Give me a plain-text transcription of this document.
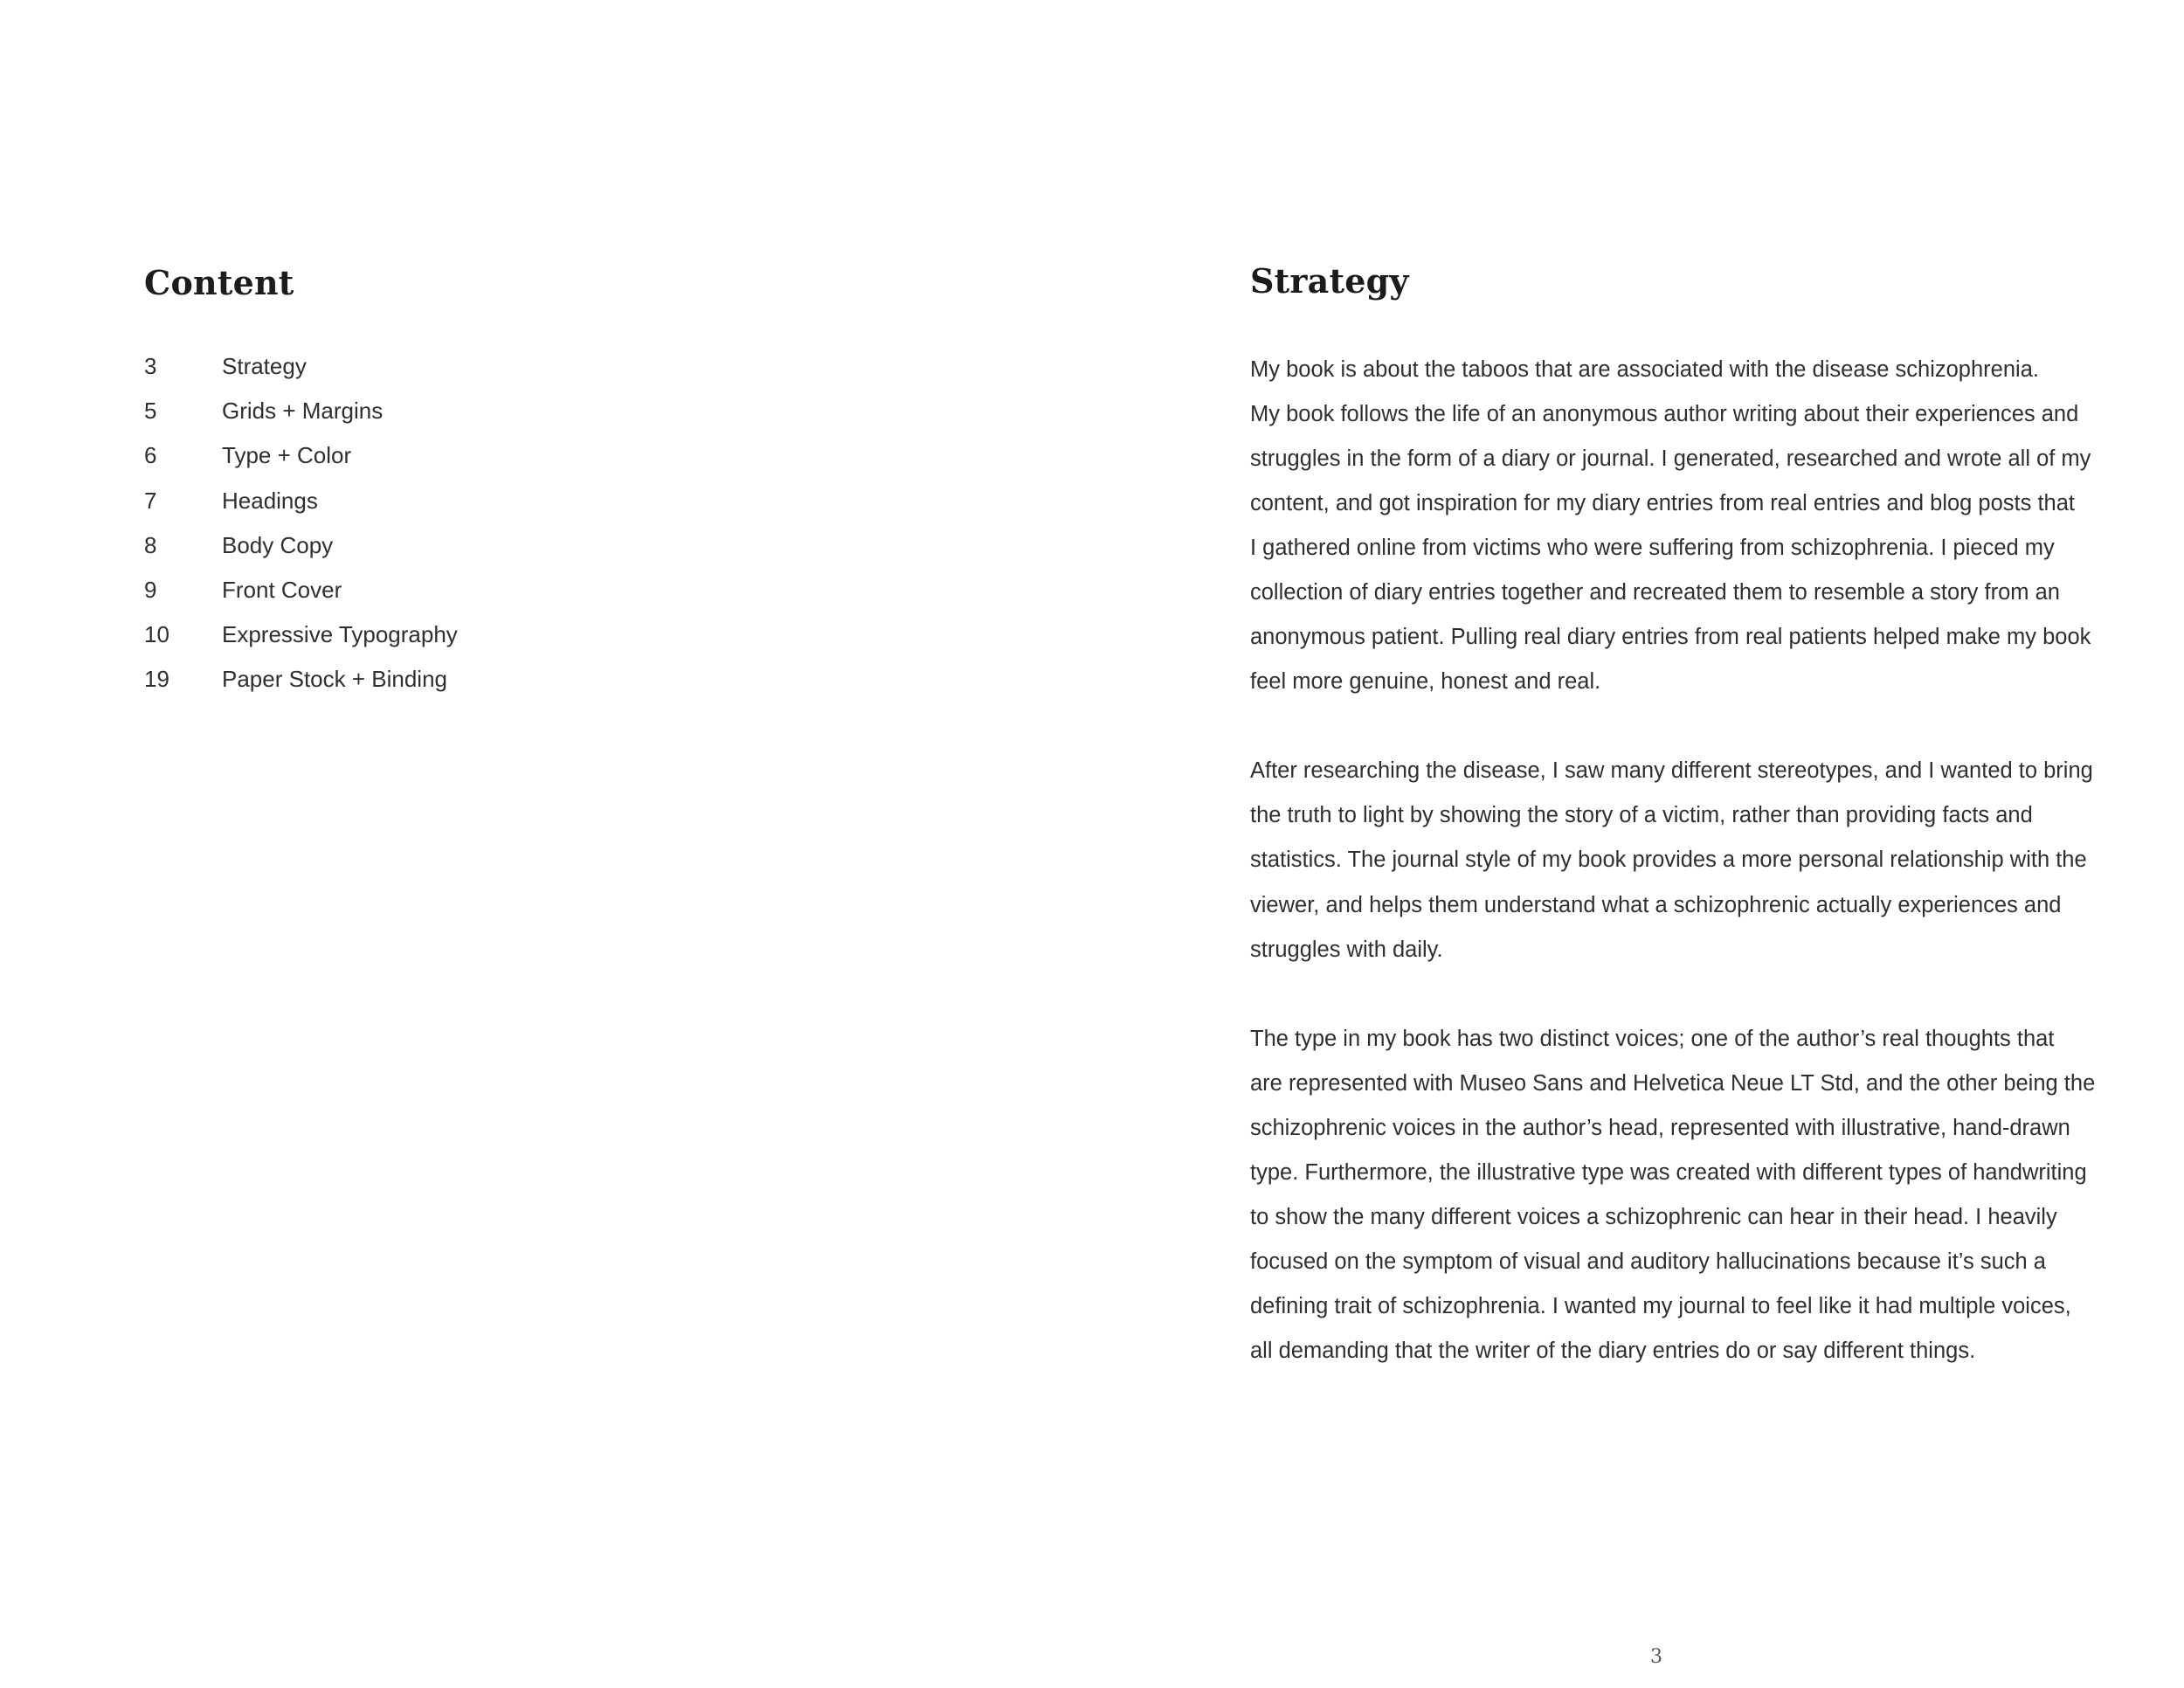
Content
3	Strategy
5	Grids + Margins
6	Type + Color
7	Headings
8	Body Copy
9	Front Cover
10	Expressive Typography
19	Paper Stock + Binding
Strategy

My book is about the taboos that are associated with the disease schizophrenia.
My book follows the life of an anonymous author writing about their experiences and
struggles in the form of a diary or journal. I generated, researched and wrote all of my
content, and got inspiration for my diary entries from real entries and blog posts that
I gathered online from victims who were suffering from schizophrenia. I pieced my
collection of diary entries together and recreated them to resemble a story from an
anonymous patient. Pulling real diary entries from real patients helped make my book
feel more genuine, honest and real.

After researching the disease, I saw many different stereotypes, and I wanted to bring
the truth to light by showing the story of a victim, rather than providing facts and
statistics. The journal style of my book provides a more personal relationship with the
viewer, and helps them understand what a schizophrenic actually experiences and
struggles with daily.

The type in my book has two distinct voices; one of the author’s real thoughts that
are represented with Museo Sans and Helvetica Neue LT Std, and the other being the
schizophrenic voices in the author’s head, represented with illustrative, hand-drawn
type. Furthermore, the illustrative type was created with different types of handwriting
to show the many different voices a schizophrenic can hear in their head. I heavily
focused on the symptom of visual and auditory hallucinations because it’s such a
defining trait of schizophrenia. I wanted my journal to feel like it had multiple voices,
all demanding that the writer of the diary entries do or say different things.

3
